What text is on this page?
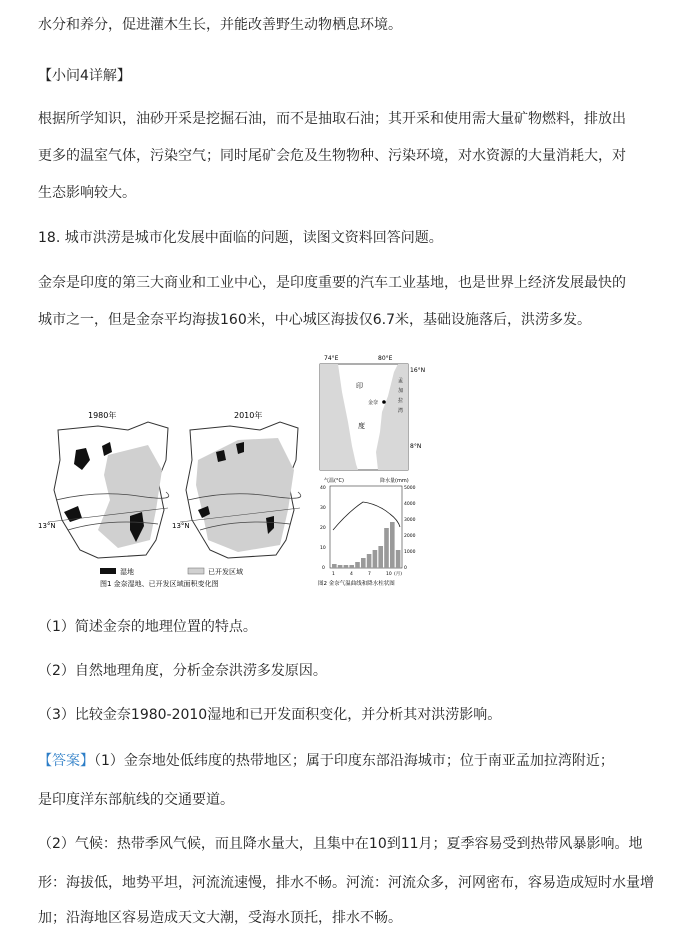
水分和养分，促进灌木生长，并能改善野生动物栖息环境。
【小问4详解】
根据所学知识，油砂开采是挖掘石油，而不是抽取石油；其开采和使用需大量矿物燃料，排放出
更多的温室气体，污染空气；同时尾矿会危及生物物种、污染环境，对水资源的大量消耗大，对
生态影响较大。
18. 城市洪涝是城市化发展中面临的问题，读图文资料回答问题。
金奈是印度的第三大商业和工业中心，是印度重要的汽车工业基地，也是世界上经济发展最快的
城市之一，但是金奈平均海拔160米，中心城区海拔仅6.7米，基础设施落后，洪涝多发。
1980年
13°N
2010年
13°N
湿地	已开发区域
图1 金奈湿地、已开发区域面积变化图
74°E	80°E
印
度
金奈
16°N
8°N
孟
加
拉
湾
气温(°C)	降水量(mm)
40
30
20
10
0
5000
4000
3000
2000
1000
0
1	4	7	10 (月)
图2 金奈气温曲线和降水柱状图
（1）简述金奈的地理位置的特点。
（2）自然地理角度，分析金奈洪涝多发原因。
（3）比较金奈1980-2010湿地和已开发面积变化，并分析其对洪涝影响。
【答案】（1）金奈地处低纬度的热带地区；属于印度东部沿海城市；位于南亚孟加拉湾附近；
是印度洋东部航线的交通要道。
（2）气候：热带季风气候，而且降水量大，且集中在10到11月；夏季容易受到热带风暴影响。地
形：海拔低，地势平坦，河流流速慢，排水不畅。河流：河流众多，河网密布，容易造成短时水量增
加；沿海地区容易造成天文大潮，受海水顶托，排水不畅。
